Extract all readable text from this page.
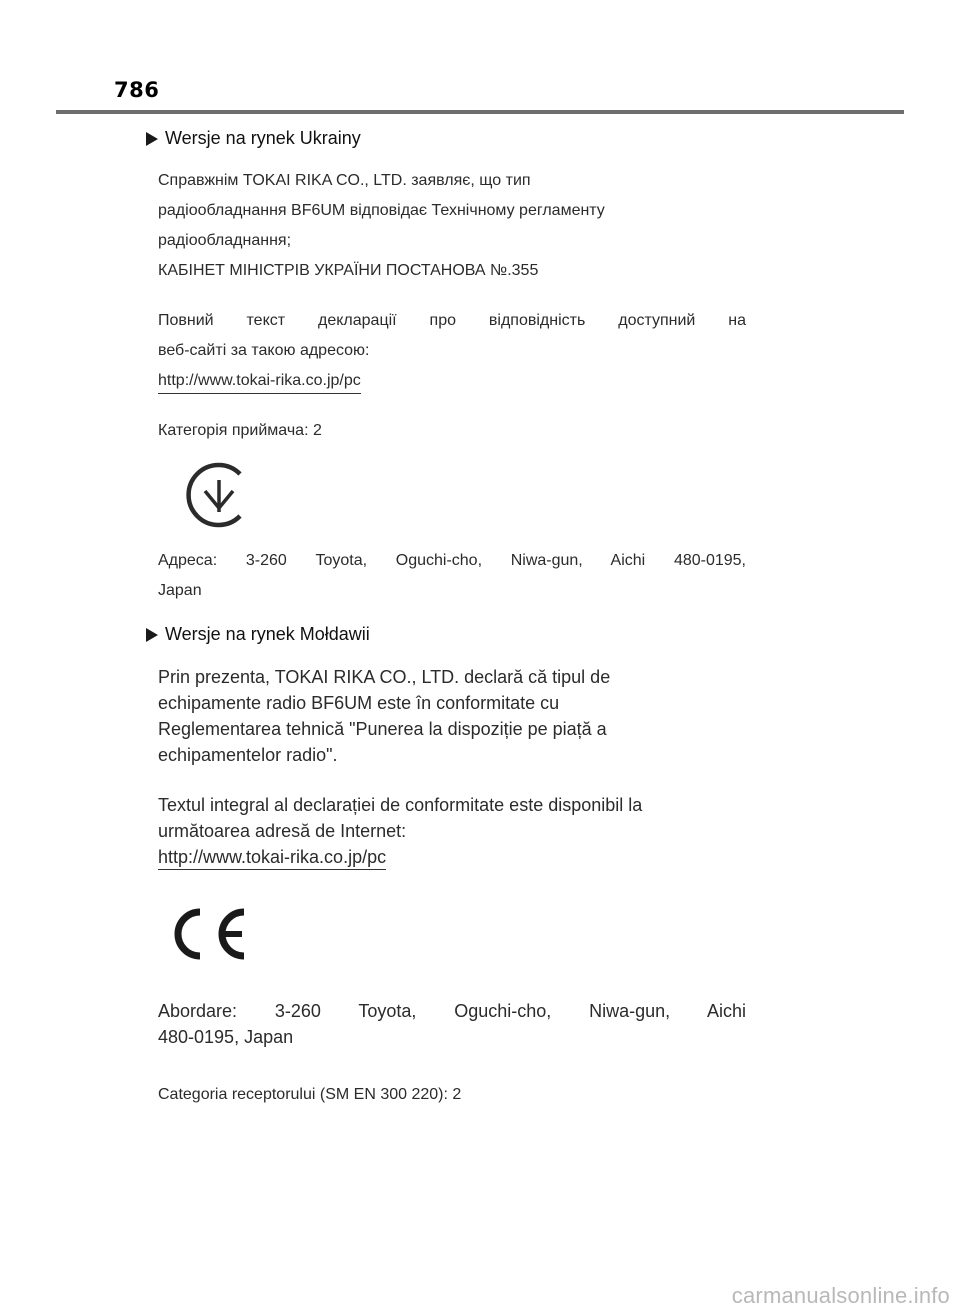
786
Wersje na rynek Ukrainy
Справжнім TOKAI RIKA CO., LTD. заявляє, що тип
радіообладнання BF6UM відповідає Технічному регламенту
радіообладнання;
КАБІНЕТ МІНІСТРІВ УКРАЇНИ ПОСТАНОВА №.355
Повний текст декларації про відповідність доступний на
веб-сайті за такою адресою:
http://www.tokai-rika.co.jp/pc
Категорія приймача: 2
Адреса: 3-260 Toyota, Oguchi-cho, Niwa-gun, Aichi 480-0195,
Japan
Wersje na rynek Mołdawii
Prin prezenta, TOKAI RIKA CO., LTD. declară că tipul de
echipamente radio BF6UM este în conformitate cu
Reglementarea tehnică "Punerea la dispoziție pe piață a
echipamentelor radio".
Textul integral al declarației de conformitate este disponibil la
următoarea adresă de Internet:
http://www.tokai-rika.co.jp/pc
Abordare: 3-260 Toyota, Oguchi-cho, Niwa-gun, Aichi
480-0195, Japan
Categoria receptorului (SM EN 300 220): 2
carmanualsonline.info
